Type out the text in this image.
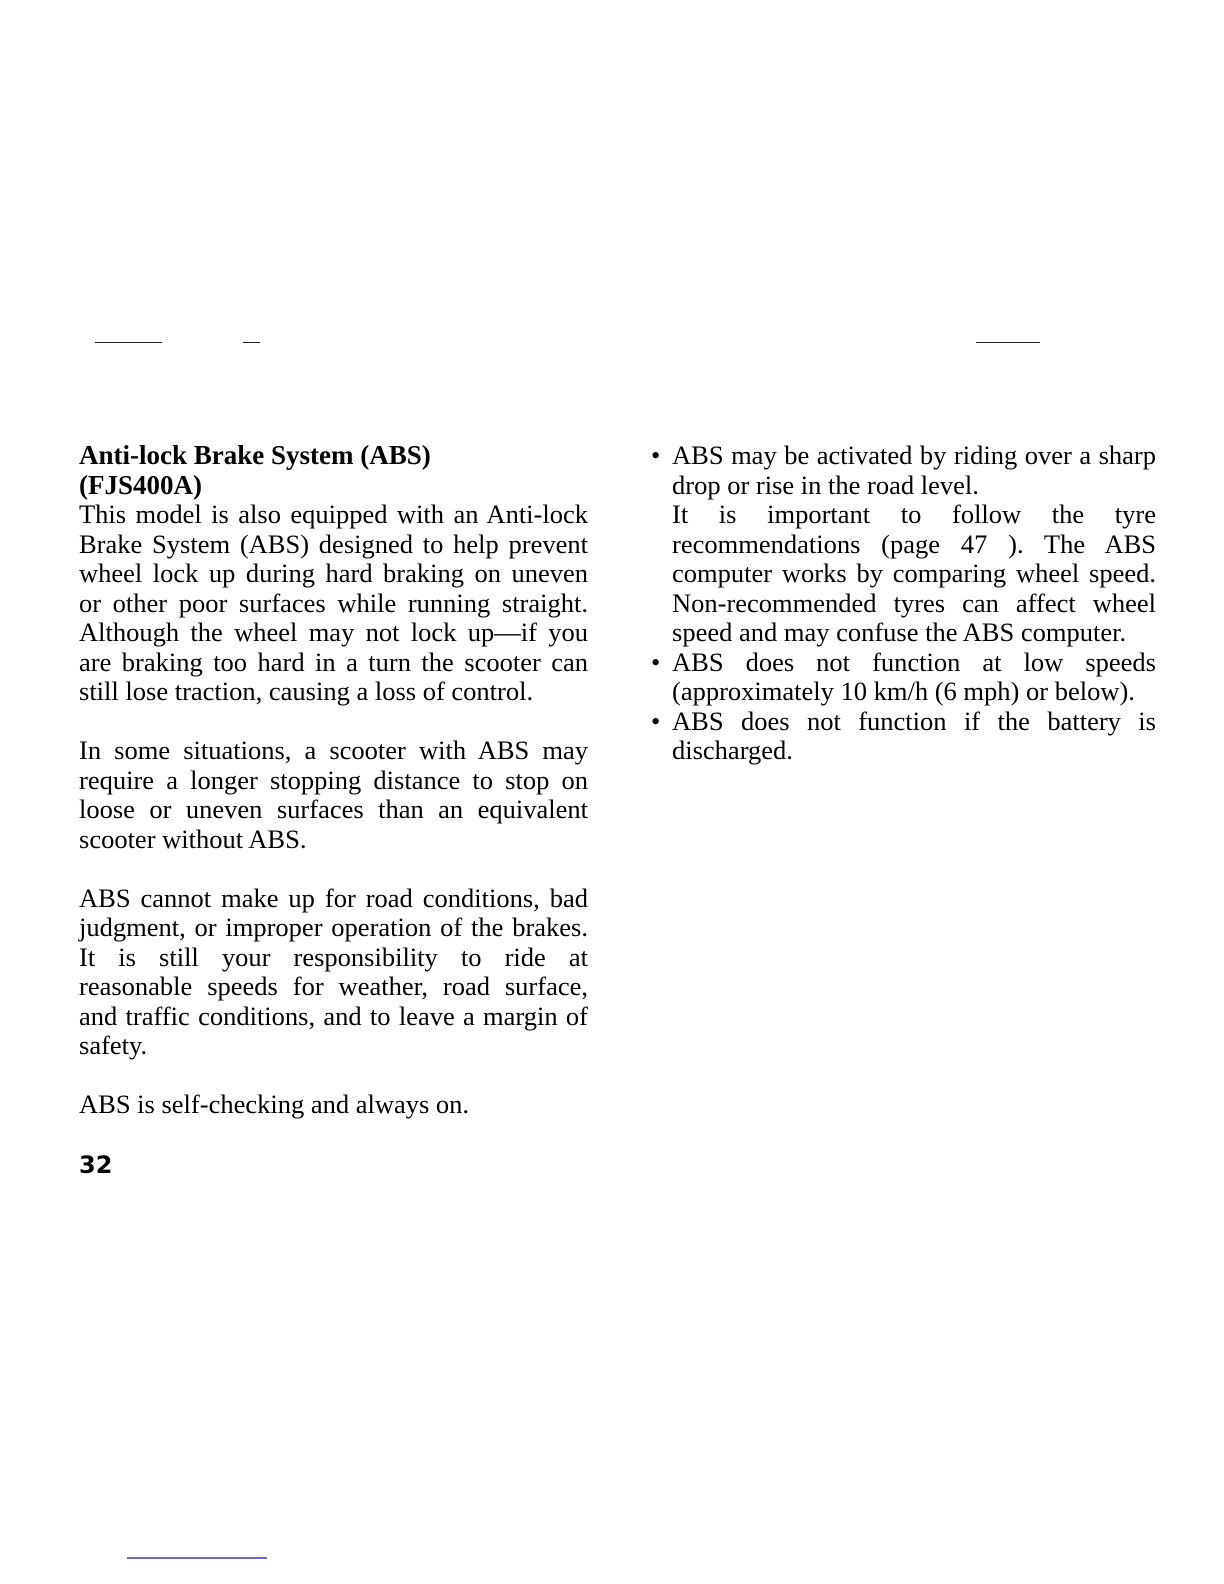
Anti-lock Brake System (ABS)
(FJS400A)

This model is also equipped with an Anti-lock Brake System (ABS) designed to help prevent wheel lock up during hard braking on uneven or other poor surfaces while running straight. Although the wheel may not lock up—if you are braking too hard in a turn the scooter can still lose traction, causing a loss of control.

In some situations, a scooter with ABS may require a longer stopping distance to stop on loose or uneven surfaces than an equivalent scooter without ABS.

ABS cannot make up for road conditions, bad judgment, or improper operation of the brakes. It is still your responsibility to ride at reasonable speeds for weather, road surface, and traffic conditions, and to leave a margin of safety.

ABS is self-checking and always on.

• ABS may be activated by riding over a sharp drop or rise in the road level.

It is important to follow the tyre recommendations (page 47 ). The ABS computer works by comparing wheel speed. Non-recommended tyres can affect wheel speed and may confuse the ABS computer.

• ABS does not function at low speeds (approximately 10 km/h (6 mph) or below).

• ABS does not function if the battery is discharged.

32
